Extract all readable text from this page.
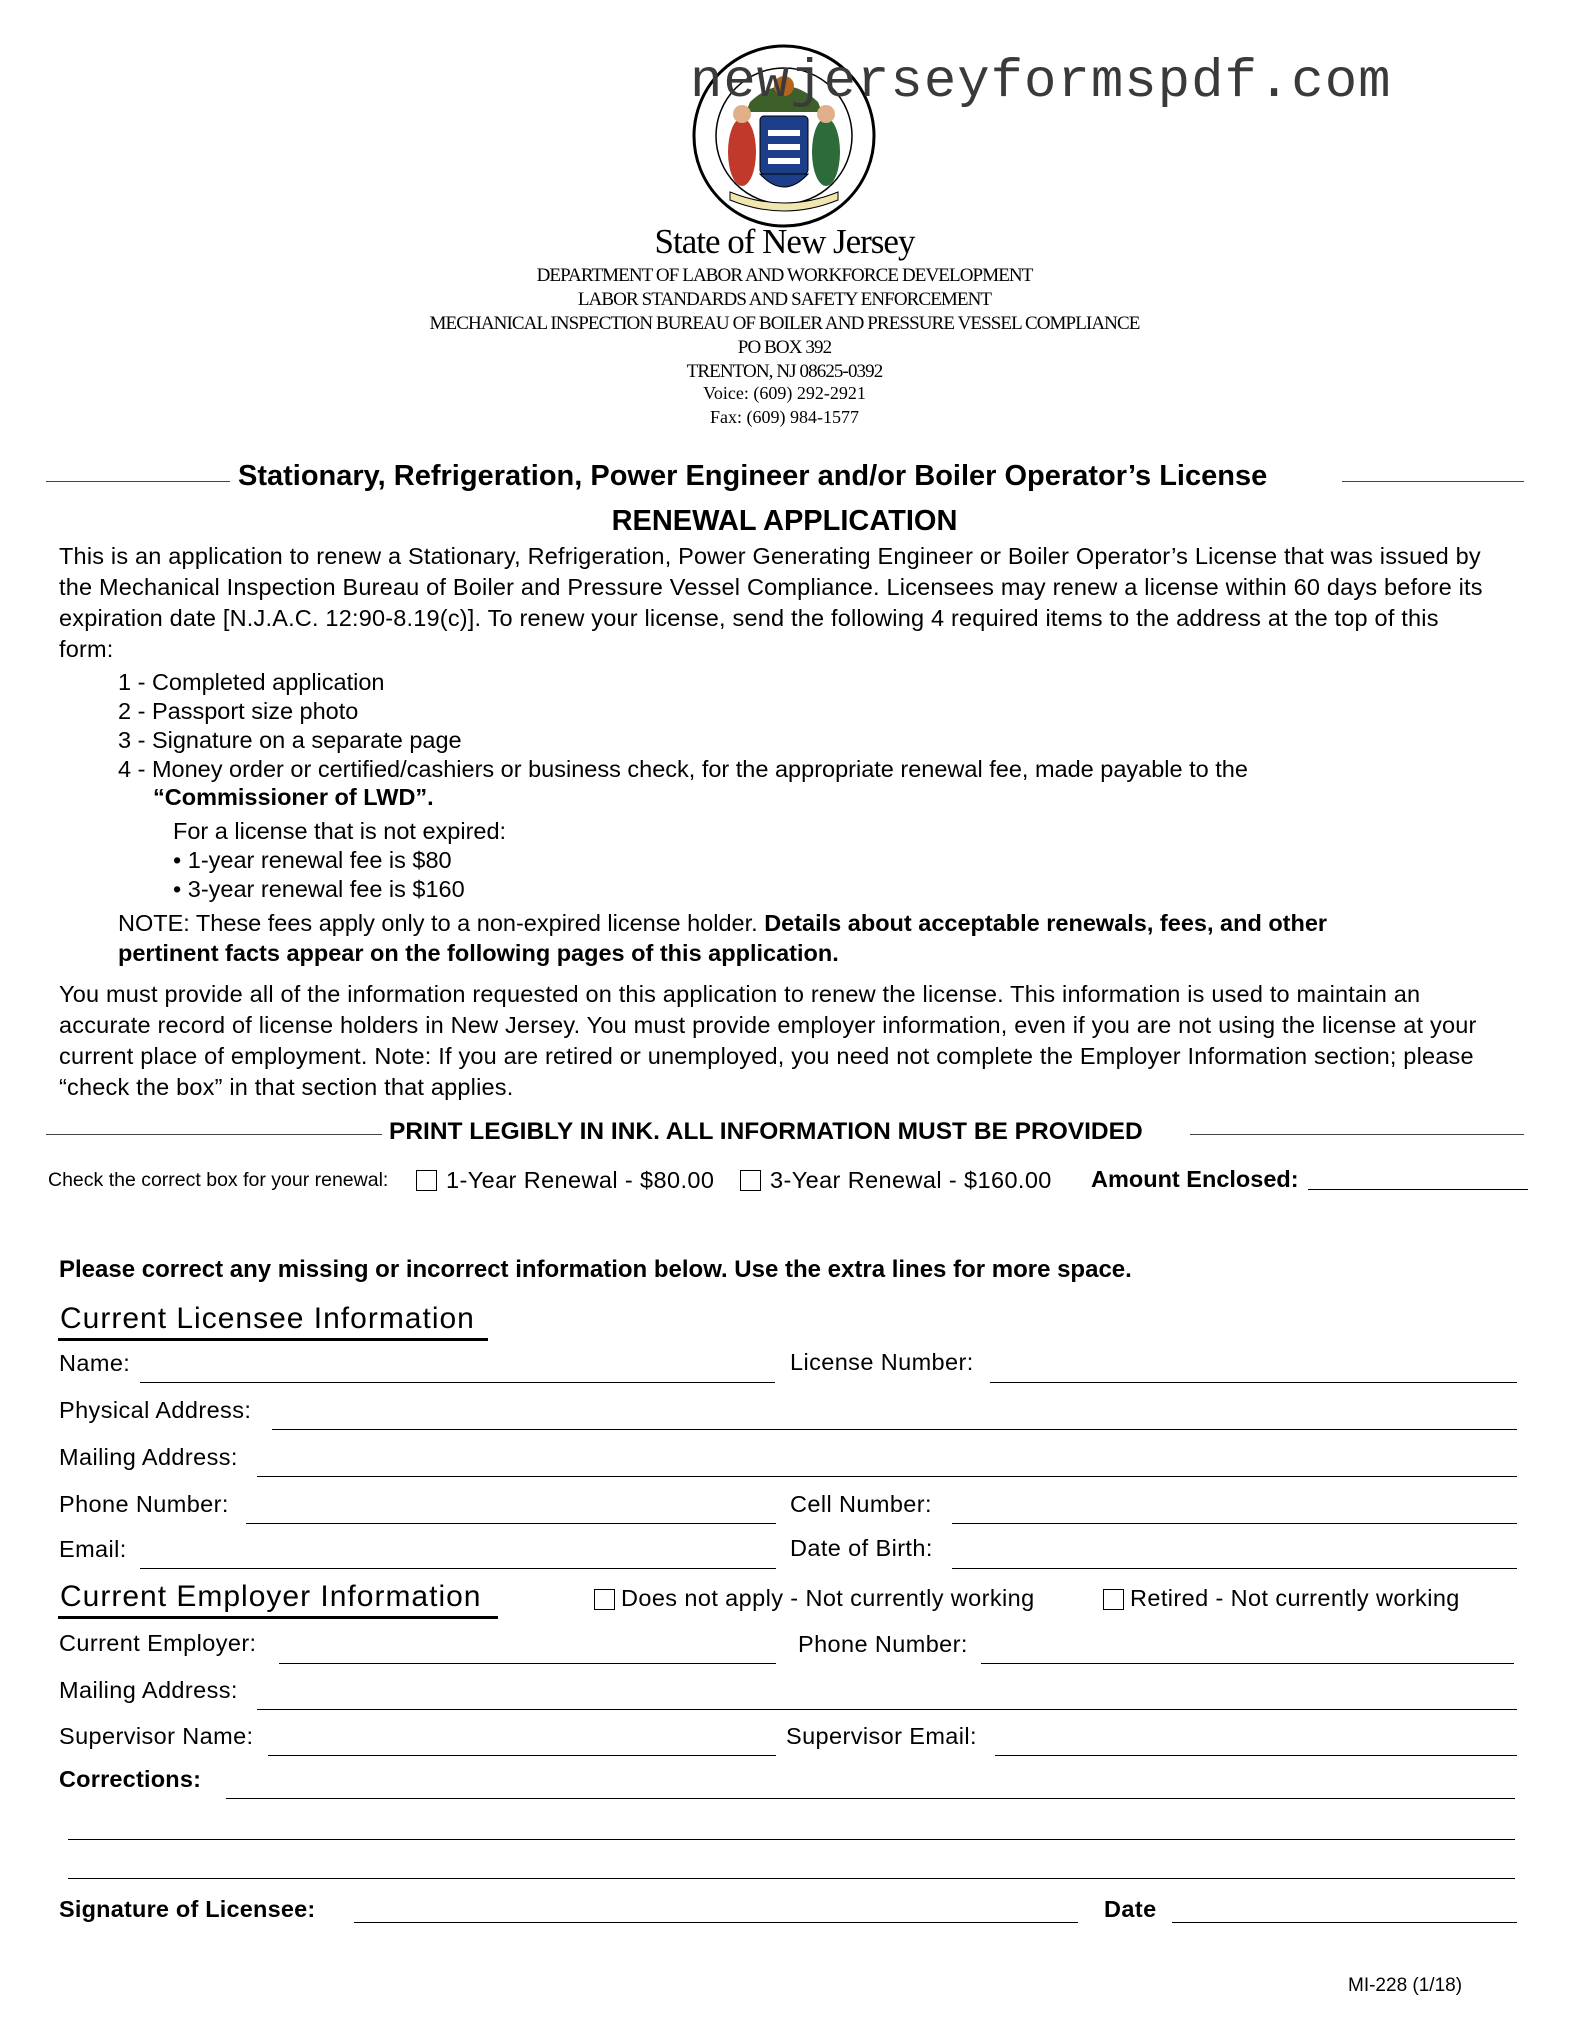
newjerseyformspdf.com
State of New Jersey
DEPARTMENT OF LABOR AND WORKFORCE DEVELOPMENT
LABOR STANDARDS AND SAFETY ENFORCEMENT
MECHANICAL INSPECTION BUREAU OF BOILER AND PRESSURE VESSEL COMPLIANCE
PO BOX 392
TRENTON, NJ 08625-0392
Voice: (609) 292-2921
Fax: (609) 984-1577
Stationary, Refrigeration, Power Engineer and/or Boiler Operator’s License
RENEWAL APPLICATION
This is an application to renew a Stationary, Refrigeration, Power Generating Engineer or Boiler Operator’s License that was issued by the Mechanical Inspection Bureau of Boiler and Pressure Vessel Compliance. Licensees may renew a license within 60 days before its expiration date [N.J.A.C. 12:90-8.19(c)]. To renew your license, send the following 4 required items to the address at the top of this form:
1 - Completed application
2 - Passport size photo
3 - Signature on a separate page
4 - Money order or certified/cashiers or business check, for the appropriate renewal fee, made payable to the
“Commissioner of LWD”.
For a license that is not expired:
• 1-year renewal fee is $80
• 3-year renewal fee is $160
NOTE: These fees apply only to a non-expired license holder. Details about acceptable renewals, fees, and other
pertinent facts appear on the following pages of this application.
You must provide all of the information requested on this application to renew the license. This information is used to maintain an accurate record of license holders in New Jersey. You must provide employer information, even if you are not using the license at your current place of employment. Note: If you are retired or unemployed, you need not complete the Employer Information section; please “check the box” in that section that applies.
PRINT LEGIBLY IN INK. ALL INFORMATION MUST BE PROVIDED
Check the correct box for your renewal: 1-Year Renewal - $80.00 3-Year Renewal - $160.00 Amount Enclosed:
Please correct any missing or incorrect information below. Use the extra lines for more space.
Current Licensee Information
Name:	License Number:
Physical Address:
Mailing Address:
Phone Number:	Cell Number:
Email:	Date of Birth:
Current Employer Information	Does not apply - Not currently working	Retired - Not currently working
Current Employer:	Phone Number:
Mailing Address:
Supervisor Name:	Supervisor Email:
Corrections:
Signature of Licensee:	Date
MI-228 (1/18)
